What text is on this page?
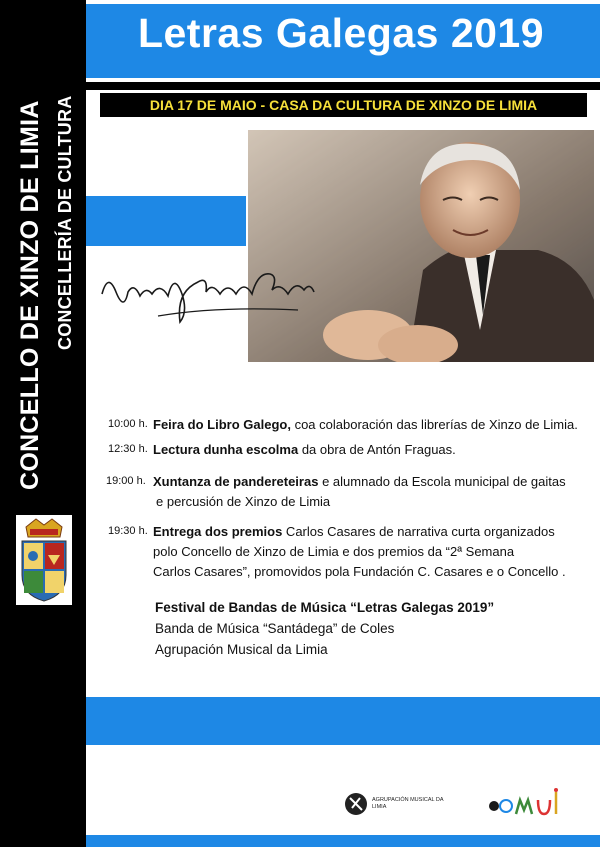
CONCELLO DE XINZO DE LIMIA CONCELLERÍA DE CULTURA
Letras Galegas 2019
DIA 17 DE MAIO - CASA DA CULTURA DE XINZO DE LIMIA
10:00 h. Feira do Libro Galego, coa colaboración das librerías de Xinzo de Limia.
12:30 h. Lectura dunha escolma da obra de Antón Fraguas.
19:00 h. Xuntanza de pandereteiras e alumnado da Escola municipal de gaitas
e percusión de Xinzo de Limia
19:30 h. Entrega dos premios Carlos Casares de narrativa curta organizados
polo Concello de Xinzo de Limia e dos premios da “2ª Semana
Carlos Casares”, promovidos pola Fundación C. Casares e o Concello .
Festival de Bandas de Música “Letras Galegas 2019”
Banda de Música “Santádega” de Coles
Agrupación Musical da Limia
AGRUPACIÓN MUSICAL DA LIMIA
